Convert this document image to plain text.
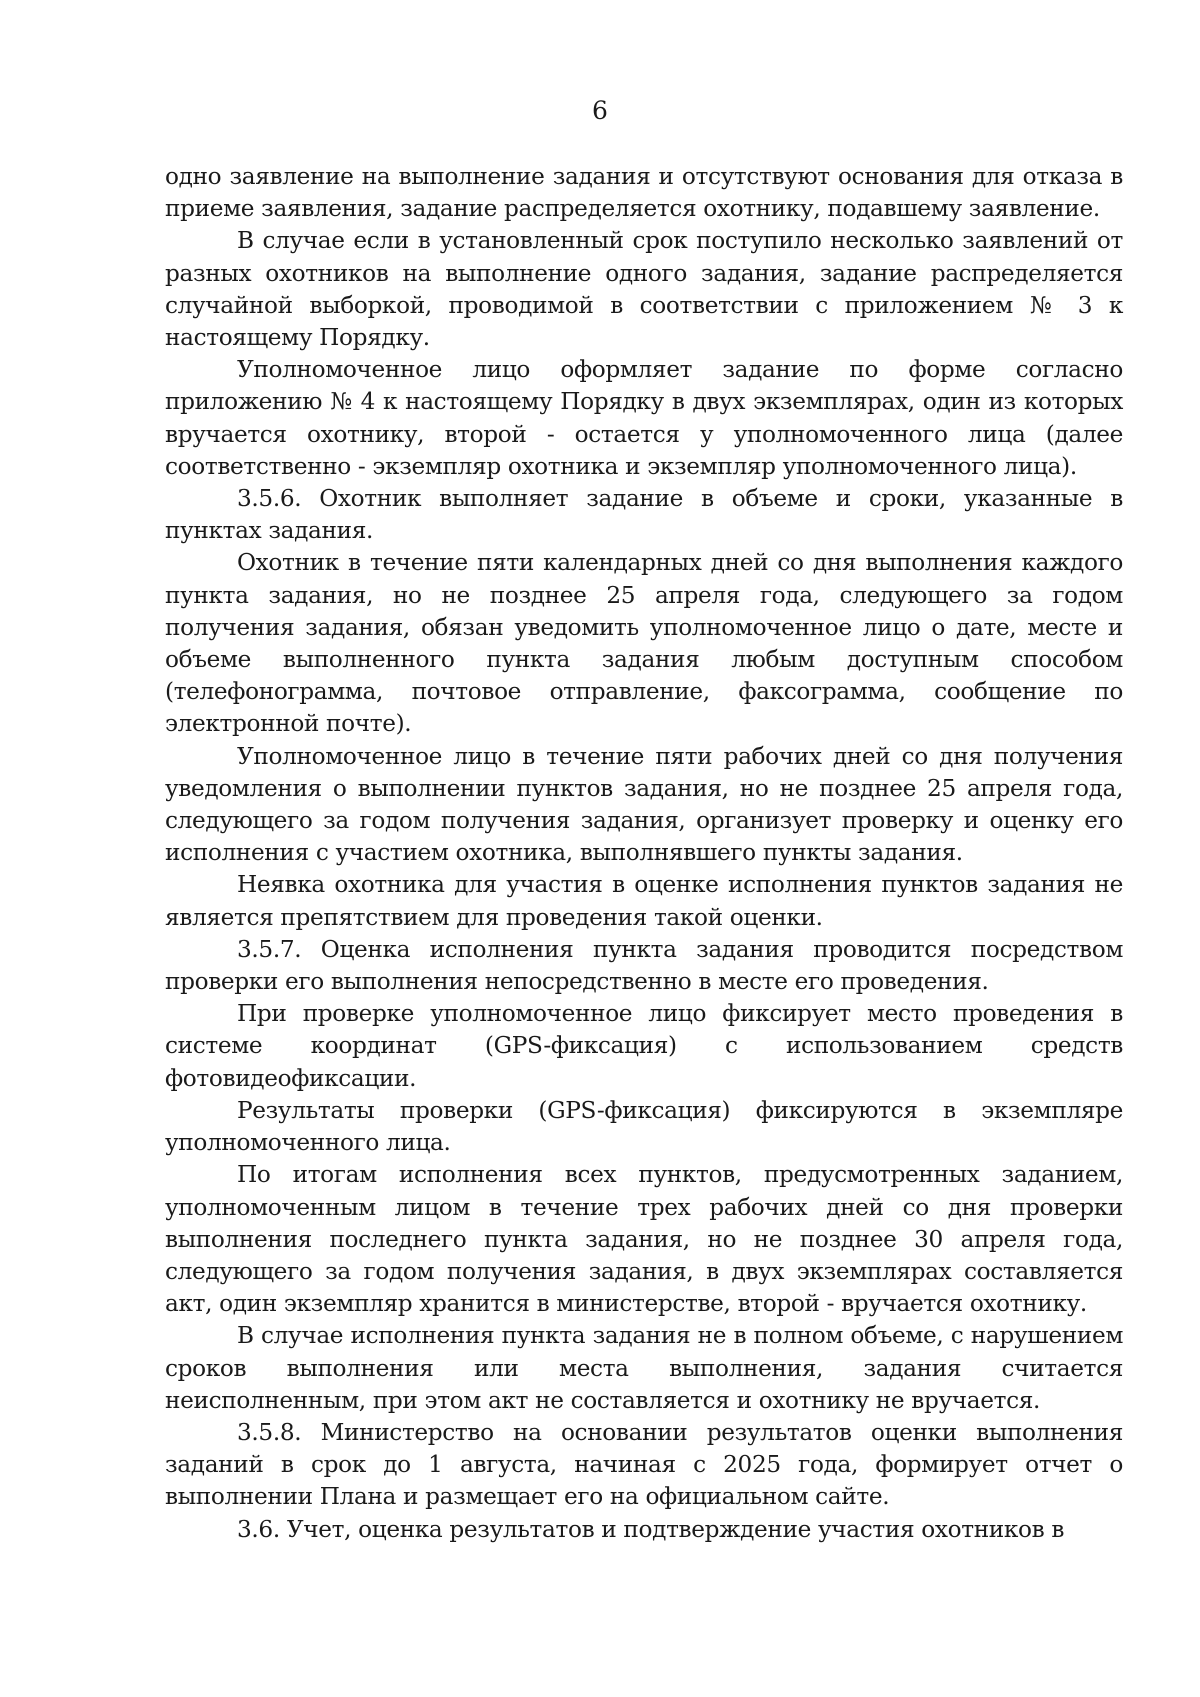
6

одно заявление на выполнение задания и отсутствуют основания для отказа в приеме заявления, задание распределяется охотнику, подавшему заявление.

В случае если в установленный срок поступило несколько заявлений от разных охотников на выполнение одного задания, задание распределяется случайной выборкой, проводимой в соответствии с приложением № 3 к настоящему Порядку.

Уполномоченное лицо оформляет задание по форме согласно приложению № 4 к настоящему Порядку в двух экземплярах, один из которых вручается охотнику, второй - остается у уполномоченного лица (далее соответственно - экземпляр охотника и экземпляр уполномоченного лица).

3.5.6. Охотник выполняет задание в объеме и сроки, указанные в пунктах задания.

Охотник в течение пяти календарных дней со дня выполнения каждого пункта задания, но не позднее 25 апреля года, следующего за годом получения задания, обязан уведомить уполномоченное лицо о дате, месте и объеме выполненного пункта задания любым доступным способом (телефонограмма, почтовое отправление, факсограмма, сообщение по электронной почте).

Уполномоченное лицо в течение пяти рабочих дней со дня получения уведомления о выполнении пунктов задания, но не позднее 25 апреля года, следующего за годом получения задания, организует проверку и оценку его исполнения с участием охотника, выполнявшего пункты задания.

Неявка охотника для участия в оценке исполнения пунктов задания не является препятствием для проведения такой оценки.

3.5.7. Оценка исполнения пункта задания проводится посредством проверки его выполнения непосредственно в месте его проведения.

При проверке уполномоченное лицо фиксирует место проведения в системе координат (GPS-фиксация) с использованием средств фотовидеофиксации.

Результаты проверки (GPS-фиксация) фиксируются в экземпляре уполномоченного лица.

По итогам исполнения всех пунктов, предусмотренных заданием, уполномоченным лицом в течение трех рабочих дней со дня проверки выполнения последнего пункта задания, но не позднее 30 апреля года, следующего за годом получения задания, в двух экземплярах составляется акт, один экземпляр хранится в министерстве, второй - вручается охотнику.

В случае исполнения пункта задания не в полном объеме, с нарушением сроков выполнения или места выполнения, задания считается неисполненным, при этом акт не составляется и охотнику не вручается.

3.5.8. Министерство на основании результатов оценки выполнения заданий в срок до 1 августа, начиная с 2025 года, формирует отчет о выполнении Плана и размещает его на официальном сайте.

3.6. Учет, оценка результатов и подтверждение участия охотников в
